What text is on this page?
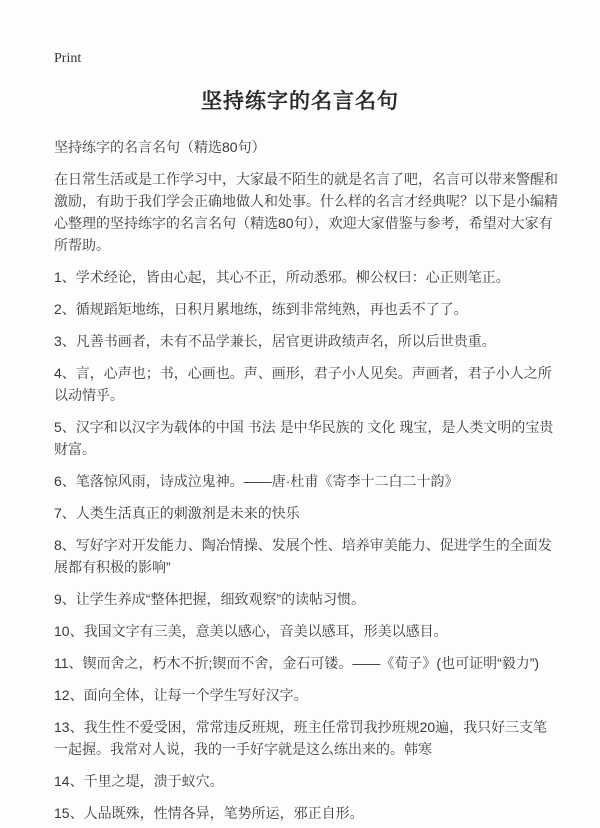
Print
坚持练字的名言名句

坚持练字的名言名句（精选80句）

在日常生活或是工作学习中，大家最不陌生的就是名言了吧，名言可以带来警醒和激励，有助于我们学会正确地做人和处事。什么样的名言才经典呢？以下是小编精心整理的坚持练字的名言名句（精选80句），欢迎大家借鉴与参考，希望对大家有所帮助。

1、学术经论，皆由心起，其心不正，所动悉邪。柳公权曰：心正则笔正。

2、循规蹈矩地练，日积月累地练，练到非常纯熟，再也丢不了了。

3、凡善书画者，未有不品学兼长，居官更讲政绩声名，所以后世贵重。

4、言，心声也；书，心画也。声、画形，君子小人见矣。声画者，君子小人之所以动情乎。

5、汉字和以汉字为载体的中国 书法 是中华民族的 文化 瑰宝，是人类文明的宝贵财富。

6、笔落惊风雨，诗成泣鬼神。——唐·杜甫《寄李十二白二十韵》

7、人类生活真正的刺激剂是未来的快乐

8、写好字对开发能力、陶冶情操、发展个性、培养审美能力、促进学生的全面发展都有积极的影响”

9、让学生养成“整体把握，细致观察”的读帖习惯。

10、我国文字有三美，意美以感心，音美以感耳，形美以感目。

11、锲而舍之，朽木不折;锲而不舍，金石可镂。——《荀子》(也可证明“毅力”)

12、面向全体，让每一个学生写好汉字。

13、我生性不爱受困，常常违反班规，班主任常罚我抄班规20遍，我只好三支笔一起握。我常对人说，我的一手好字就是这么练出来的。韩寒

14、千里之堤，溃于蚁穴。

15、人品既殊，性情各异，笔势所运，邪正自形。
